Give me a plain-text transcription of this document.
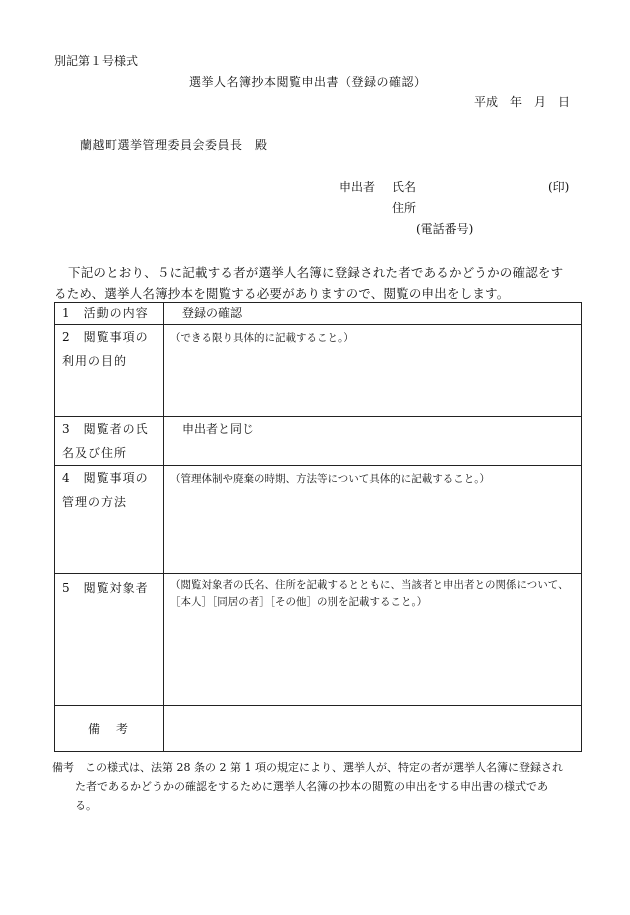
別記第１号様式
選挙人名簿抄本閲覧申出書（登録の確認）
平成　年　月　日
蘭越町選挙管理委員会委員長　殿
申出者 氏名	(印)
住所
(電話番号)
下記のとおり、５に記載する者が選挙人名簿に登録された者であるかどうかの確認をす
るため、選挙人名簿抄本を閲覧する必要がありますので、閲覧の申出をします。
1　活動の内容	登録の確認

2　閲覧事項の
利用の目的	（できる限り具体的に記載すること。）

3　閲覧者の氏
名及び住所	申出者と同じ

4　閲覧事項の
管理の方法	（管理体制や廃棄の時期、方法等について具体的に記載すること。）

5　閲覧対象者	（閲覧対象者の氏名、住所を記載するとともに、当該者と申出者との関係について、［本人］［同居の者］［その他］の別を記載すること。）

備　考	

備考 この様式は、法第 28 条の 2 第 1 項の規定により、選挙人が、特定の者が選挙人名簿に登録され
た者であるかどうかの確認をするために選挙人名簿の抄本の閲覧の申出をする申出書の様式であ
る。
